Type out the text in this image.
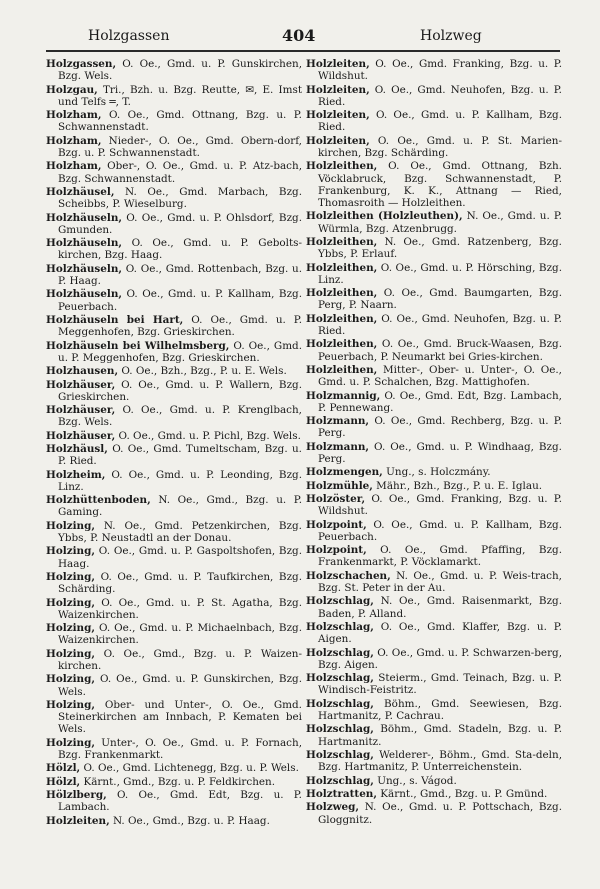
Holzgassen	404	Holzweg

Holzgassen, O. Oe., Gmd. u. P. Gunskirchen, Bzg. Wels.

Holzgau, Tri., Bzh. u. Bzg. Reutte, ✉, E. Imst und Telfs ═, T.

Holzham, O. Oe., Gmd. Ottnang, Bzg. u. P. Schwannenstadt.

Holzham, Nieder-, O. Oe., Gmd. Obern-dorf, Bzg. u. P. Schwannenstadt.

Holzham, Ober-, O. Oe., Gmd. u. P. Atz-bach, Bzg. Schwannenstadt.

Holzhäusel, N. Oe., Gmd. Marbach, Bzg. Scheibbs, P. Wieselburg.

Holzhäuseln, O. Oe., Gmd. u. P. Ohlsdorf, Bzg. Gmunden.

Holzhäuseln, O. Oe., Gmd. u. P. Gebolts-kirchen, Bzg. Haag.

Holzhäuseln, O. Oe., Gmd. Rottenbach, Bzg. u. P. Haag.

Holzhäuseln, O. Oe., Gmd. u. P. Kallham, Bzg. Peuerbach.

Holzhäuseln bei Hart, O. Oe., Gmd. u. P. Meggenhofen, Bzg. Grieskirchen.

Holzhäuseln bei Wilhelmsberg, O. Oe., Gmd. u. P. Meggenhofen, Bzg. Grieskirchen.

Holzhausen, O. Oe., Bzh., Bzg., P. u. E. Wels.

Holzhäuser, O. Oe., Gmd. u. P. Wallern, Bzg. Grieskirchen.

Holzhäuser, O. Oe., Gmd. u. P. Krenglbach, Bzg. Wels.

Holzhäuser, O. Oe., Gmd. u. P. Pichl, Bzg. Wels.

Holzhäusl, O. Oe., Gmd. Tumeltscham, Bzg. u. P. Ried.

Holzheim, O. Oe., Gmd. u. P. Leonding, Bzg. Linz.

Holzhüttenboden, N. Oe., Gmd., Bzg. u. P. Gaming.

Holzing, N. Oe., Gmd. Petzenkirchen, Bzg. Ybbs, P. Neustadtl an der Donau.

Holzing, O. Oe., Gmd. u. P. Gaspoltshofen, Bzg. Haag.

Holzing, O. Oe., Gmd. u. P. Taufkirchen, Bzg. Schärding.

Holzing, O. Oe., Gmd. u. P. St. Agatha, Bzg. Waizenkirchen.

Holzing, O. Oe., Gmd. u. P. Michaelnbach, Bzg. Waizenkirchen.

Holzing, O. Oe., Gmd., Bzg. u. P. Waizen-kirchen.

Holzing, O. Oe., Gmd. u. P. Gunskirchen, Bzg. Wels.

Holzing, Ober- und Unter-, O. Oe., Gmd. Steinerkirchen am Innbach, P. Kematen bei Wels.

Holzing, Unter-, O. Oe., Gmd. u. P. Fornach, Bzg. Frankenmarkt.

Hölzl, O. Oe., Gmd. Lichtenegg, Bzg. u. P. Wels.

Hölzl, Kärnt., Gmd., Bzg. u. P. Feldkirchen.

Hölzlberg, O. Oe., Gmd. Edt, Bzg. u. P. Lambach.

Holzleiten, N. Oe., Gmd., Bzg. u. P. Haag.

Holzleiten, O. Oe., Gmd. Franking, Bzg. u. P. Wildshut.

Holzleiten, O. Oe., Gmd. Neuhofen, Bzg. u. P. Ried.

Holzleiten, O. Oe., Gmd. u. P. Kallham, Bzg. Ried.

Holzleiten, O. Oe., Gmd. u. P. St. Marien-kirchen, Bzg. Schärding.

Holzleithen, O. Oe., Gmd. Ottnang, Bzh. Vöcklabruck, Bzg. Schwannenstadt, P. Frankenburg, K. K., Attnang — Ried, Thomasroith — Holzleithen.

Holzleithen (Holzleuthen), N. Oe., Gmd. u. P. Würmla, Bzg. Atzenbrugg.

Holzleithen, N. Oe., Gmd. Ratzenberg, Bzg. Ybbs, P. Erlauf.

Holzleithen, O. Oe., Gmd. u. P. Hörsching, Bzg. Linz.

Holzleithen, O. Oe., Gmd. Baumgarten, Bzg. Perg, P. Naarn.

Holzleithen, O. Oe., Gmd. Neuhofen, Bzg. u. P. Ried.

Holzleithen, O. Oe., Gmd. Bruck-Waasen, Bzg. Peuerbach, P. Neumarkt bei Gries-kirchen.

Holzleithen, Mitter-, Ober- u. Unter-, O. Oe., Gmd. u. P. Schalchen, Bzg. Mattighofen.

Holzmannig, O. Oe., Gmd. Edt, Bzg. Lambach, P. Pennewang.

Holzmann, O. Oe., Gmd. Rechberg, Bzg. u. P. Perg.

Holzmann, O. Oe., Gmd. u. P. Windhaag, Bzg. Perg.

Holzmengen, Ung., s. Holczmány.

Holzmühle, Mähr., Bzh., Bzg., P. u. E. Iglau.

Holzöster, O. Oe., Gmd. Franking, Bzg. u. P. Wildshut.

Holzpoint, O. Oe., Gmd. u. P. Kallham, Bzg. Peuerbach.

Holzpoint, O. Oe., Gmd. Pfaffing, Bzg. Frankenmarkt, P. Vöcklamarkt.

Holzschachen, N. Oe., Gmd. u. P. Weis-trach, Bzg. St. Peter in der Au.

Holzschlag, N. Oe., Gmd. Raisenmarkt, Bzg. Baden, P. Alland.

Holzschlag, O. Oe., Gmd. Klaffer, Bzg. u. P. Aigen.

Holzschlag, O. Oe., Gmd. u. P. Schwarzen-berg, Bzg. Aigen.

Holzschlag, Steierm., Gmd. Teinach, Bzg. u. P. Windisch-Feistritz.

Holzschlag, Böhm., Gmd. Seewiesen, Bzg. Hartmanitz, P. Cachrau.

Holzschlag, Böhm., Gmd. Stadeln, Bzg. u. P. Hartmanitz.

Holzschlag, Welderer-, Böhm., Gmd. Sta-deln, Bzg. Hartmanitz, P. Unterreichenstein.

Holzschlag, Ung., s. Vágod.

Holztratten, Kärnt., Gmd., Bzg. u. P. Gmünd.

Holzweg, N. Oe., Gmd. u. P. Pottschach, Bzg. Gloggnitz.
